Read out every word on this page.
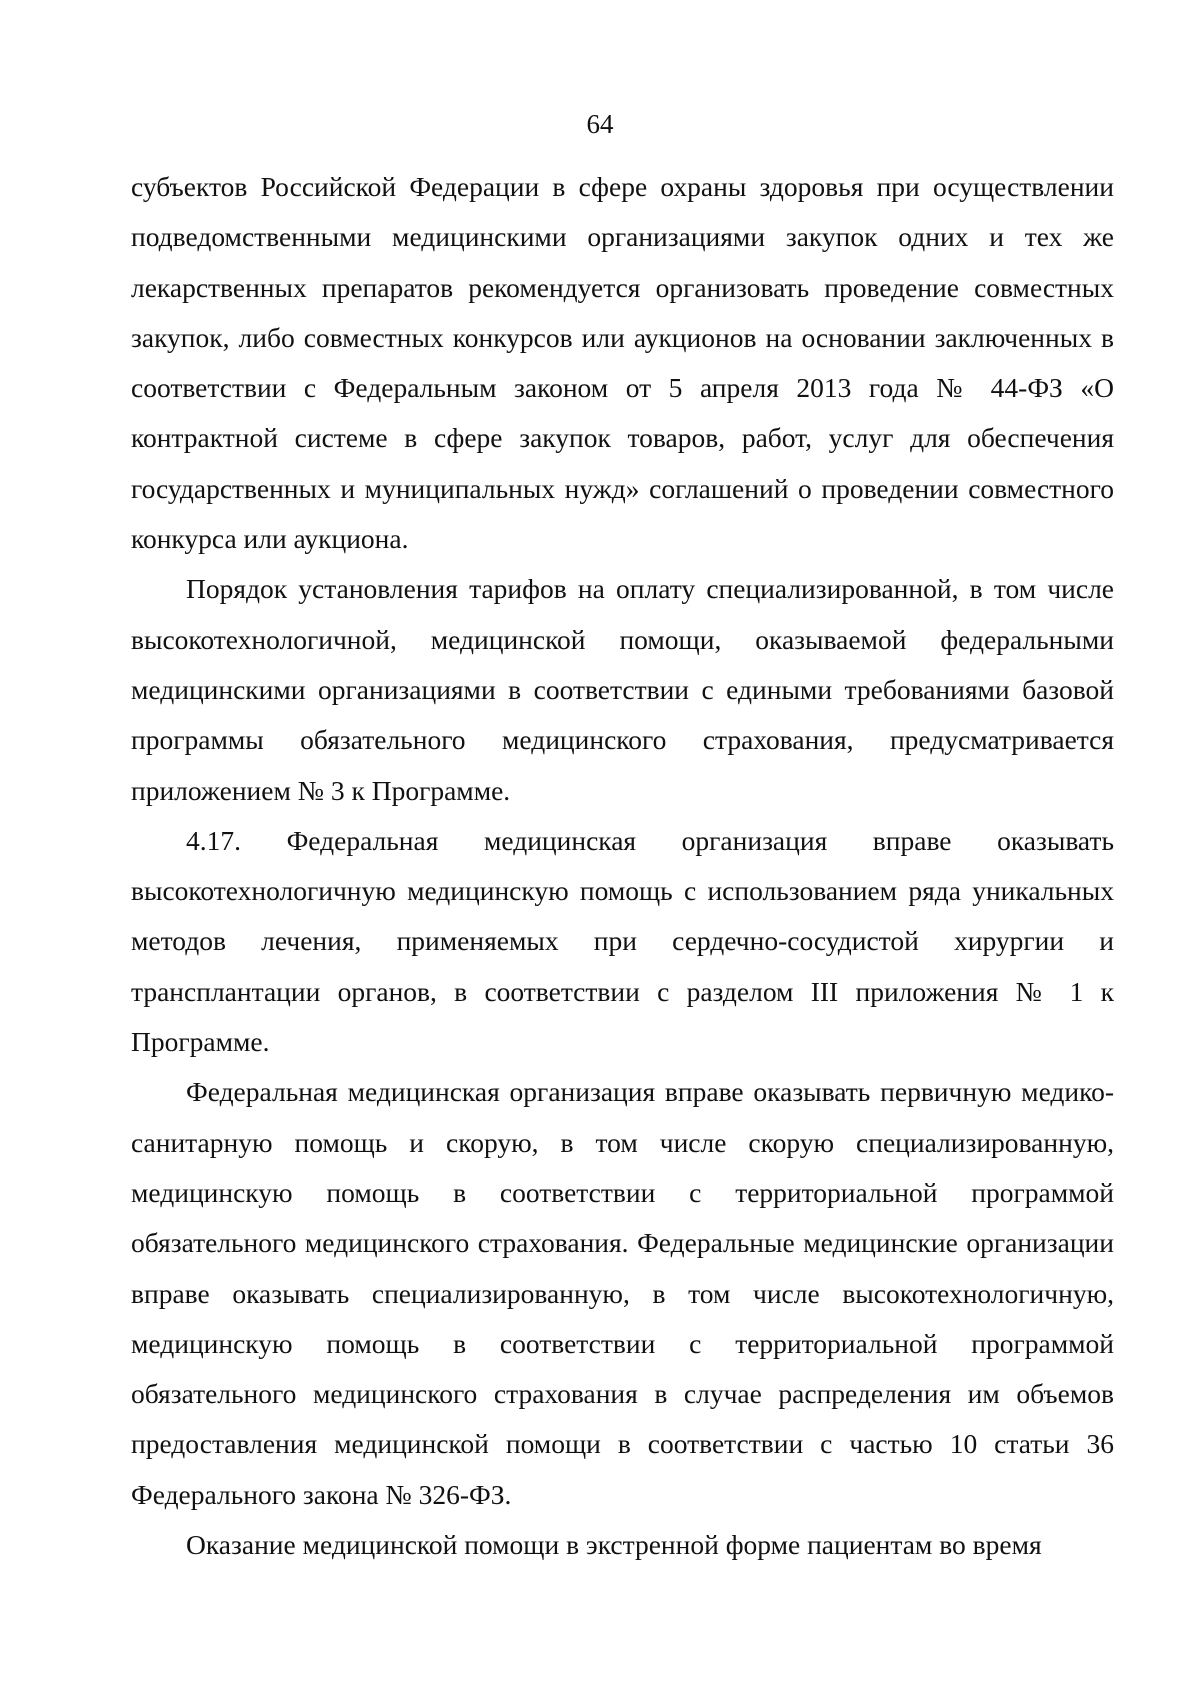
64

субъектов Российской Федерации в сфере охраны здоровья при осуществлении подведомственными медицинскими организациями закупок одних и тех же лекарственных препаратов рекомендуется организовать проведение совместных закупок, либо совместных конкурсов или аукционов на основании заключенных в соответствии с Федеральным законом от 5 апреля 2013 года № 44-ФЗ «О контрактной системе в сфере закупок товаров, работ, услуг для обеспечения государственных и муниципальных нужд» соглашений о проведении совместного конкурса или аукциона.

Порядок установления тарифов на оплату специализированной, в том числе высокотехнологичной, медицинской помощи, оказываемой федеральными медицинскими организациями в соответствии с едиными требованиями базовой программы обязательного медицинского страхования, предусматривается приложением № 3 к Программе.

4.17. Федеральная медицинская организация вправе оказывать высокотехнологичную медицинскую помощь с использованием ряда уникальных методов лечения, применяемых при сердечно-сосудистой хирургии и трансплантации органов, в соответствии с разделом III приложения № 1 к Программе.

Федеральная медицинская организация вправе оказывать первичную медико-санитарную помощь и скорую, в том числе скорую специализированную, медицинскую помощь в соответствии с территориальной программой обязательного медицинского страхования. Федеральные медицинские организации вправе оказывать специализированную, в том числе высокотехнологичную, медицинскую помощь в соответствии с территориальной программой обязательного медицинского страхования в случае распределения им объемов предоставления медицинской помощи в соответствии с частью 10 статьи 36 Федерального закона № 326-ФЗ.

Оказание медицинской помощи в экстренной форме пациентам во время
